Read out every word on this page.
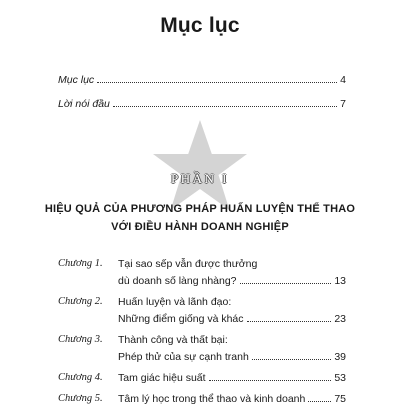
Mục lục
Mục lục	4
Lời nói đầu	7
PHẦN I
HIỆU QUẢ CỦA PHƯƠNG PHÁP HUẤN LUYỆN THỂ THAO
VỚI ĐIỀU HÀNH DOANH NGHIỆP
Chương 1. Tại sao sếp vẫn được thưởng
dù doanh số làng nhàng?	13
Chương 2. Huấn luyện và lãnh đạo:
Những điểm giống và khác	23
Chương 3. Thành công và thất bại:
Phép thử của sự cạnh tranh	39
Chương 4. Tam giác hiệu suất	53
Chương 5. Tâm lý học trong thể thao và kinh doanh	75
